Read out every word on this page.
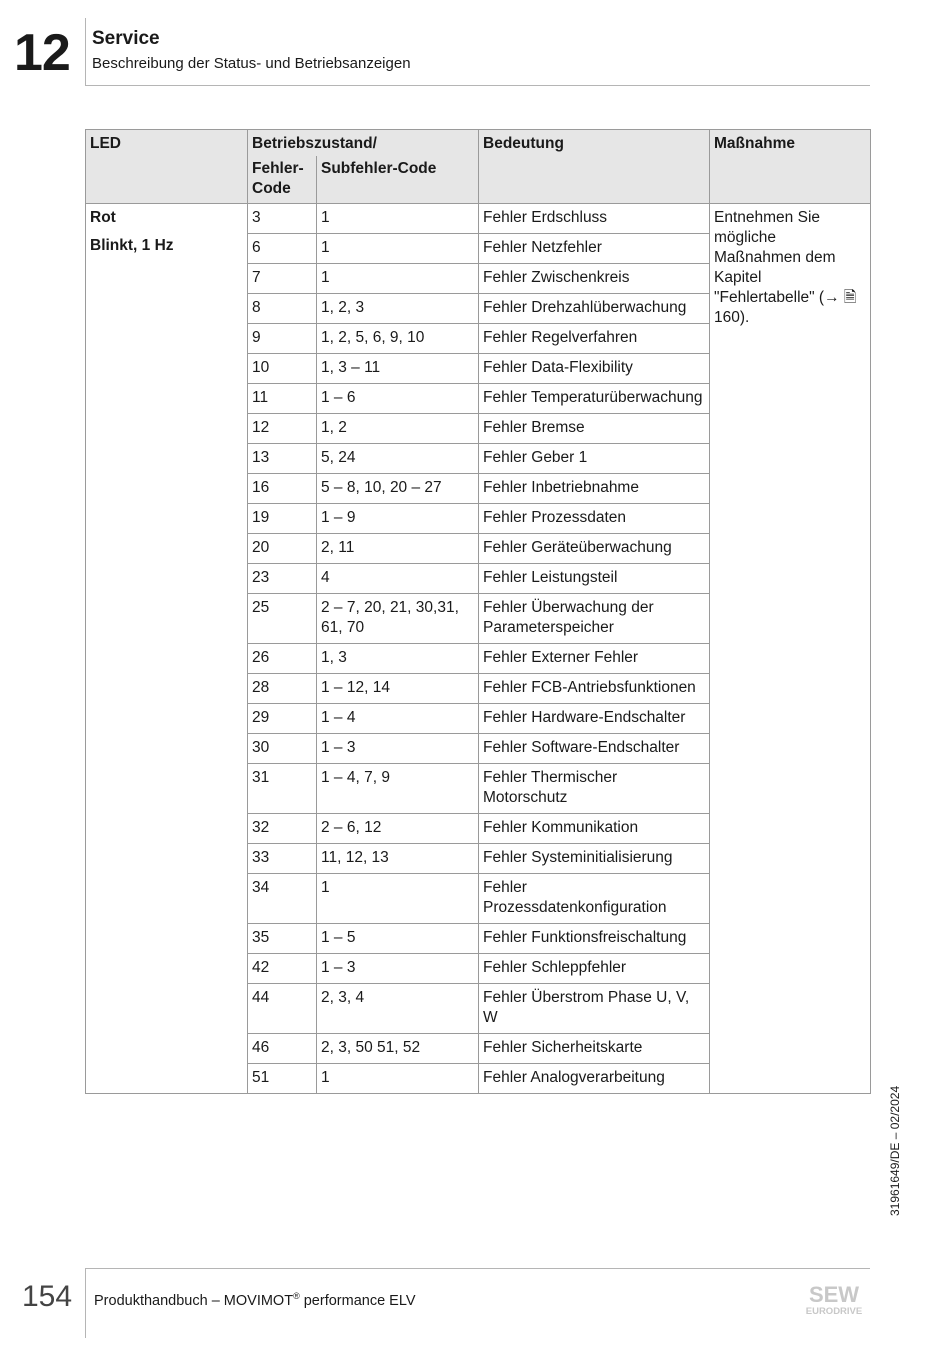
12 Service
Beschreibung der Status- und Betriebsanzeigen
LED	Betriebszustand/		Bedeutung	Maßnahme
	Fehler-Code	Subfehler-Code		

Rot
Blinkt, 1 Hz	3	1	Fehler Erdschluss	Entnehmen Sie mögliche Maßnahmen dem Kapitel "Fehlertabelle" (→ 🗎 160).
	6	1	Fehler Netzfehler	
	7	1	Fehler Zwischenkreis	
	8	1, 2, 3	Fehler Drehzahlüberwachung	
	9	1, 2, 5, 6, 9, 10	Fehler Regelverfahren	
	10	1, 3 – 11	Fehler Data-Flexibility	
	11	1 – 6	Fehler Temperaturüberwachung	
	12	1, 2	Fehler Bremse	
	13	5, 24	Fehler Geber 1	
	16	5 – 8, 10, 20 – 27	Fehler Inbetriebnahme	
	19	1 – 9	Fehler Prozessdaten	
	20	2, 11	Fehler Geräteüberwachung	
	23	4	Fehler Leistungsteil	
	25	2 – 7, 20, 21, 30,31, 61, 70	Fehler Überwachung der Parameterspeicher	
	26	1, 3	Fehler Externer Fehler	
	28	1 – 12, 14	Fehler FCB-Antriebsfunktionen	
	29	1 – 4	Fehler Hardware-Endschalter	
	30	1 – 3	Fehler Software-Endschalter	
	31	1 – 4, 7, 9	Fehler Thermischer Motorschutz	
	32	2 – 6, 12	Fehler Kommunikation	
	33	11, 12, 13	Fehler Systeminitialisierung	
	34	1	Fehler Prozessdatenkonfiguration	
	35	1 – 5	Fehler Funktionsfreischaltung	
	42	1 – 3	Fehler Schleppfehler	
	44	2, 3, 4	Fehler Überstrom Phase U, V, W	
	46	2, 3, 50 51, 52	Fehler Sicherheitskarte	
	51	1	Fehler Analogverarbeitung	
31961649/DE – 02/2024
154 Produkthandbuch – MOVIMOT® performance ELV	SEW
EURODRIVE
